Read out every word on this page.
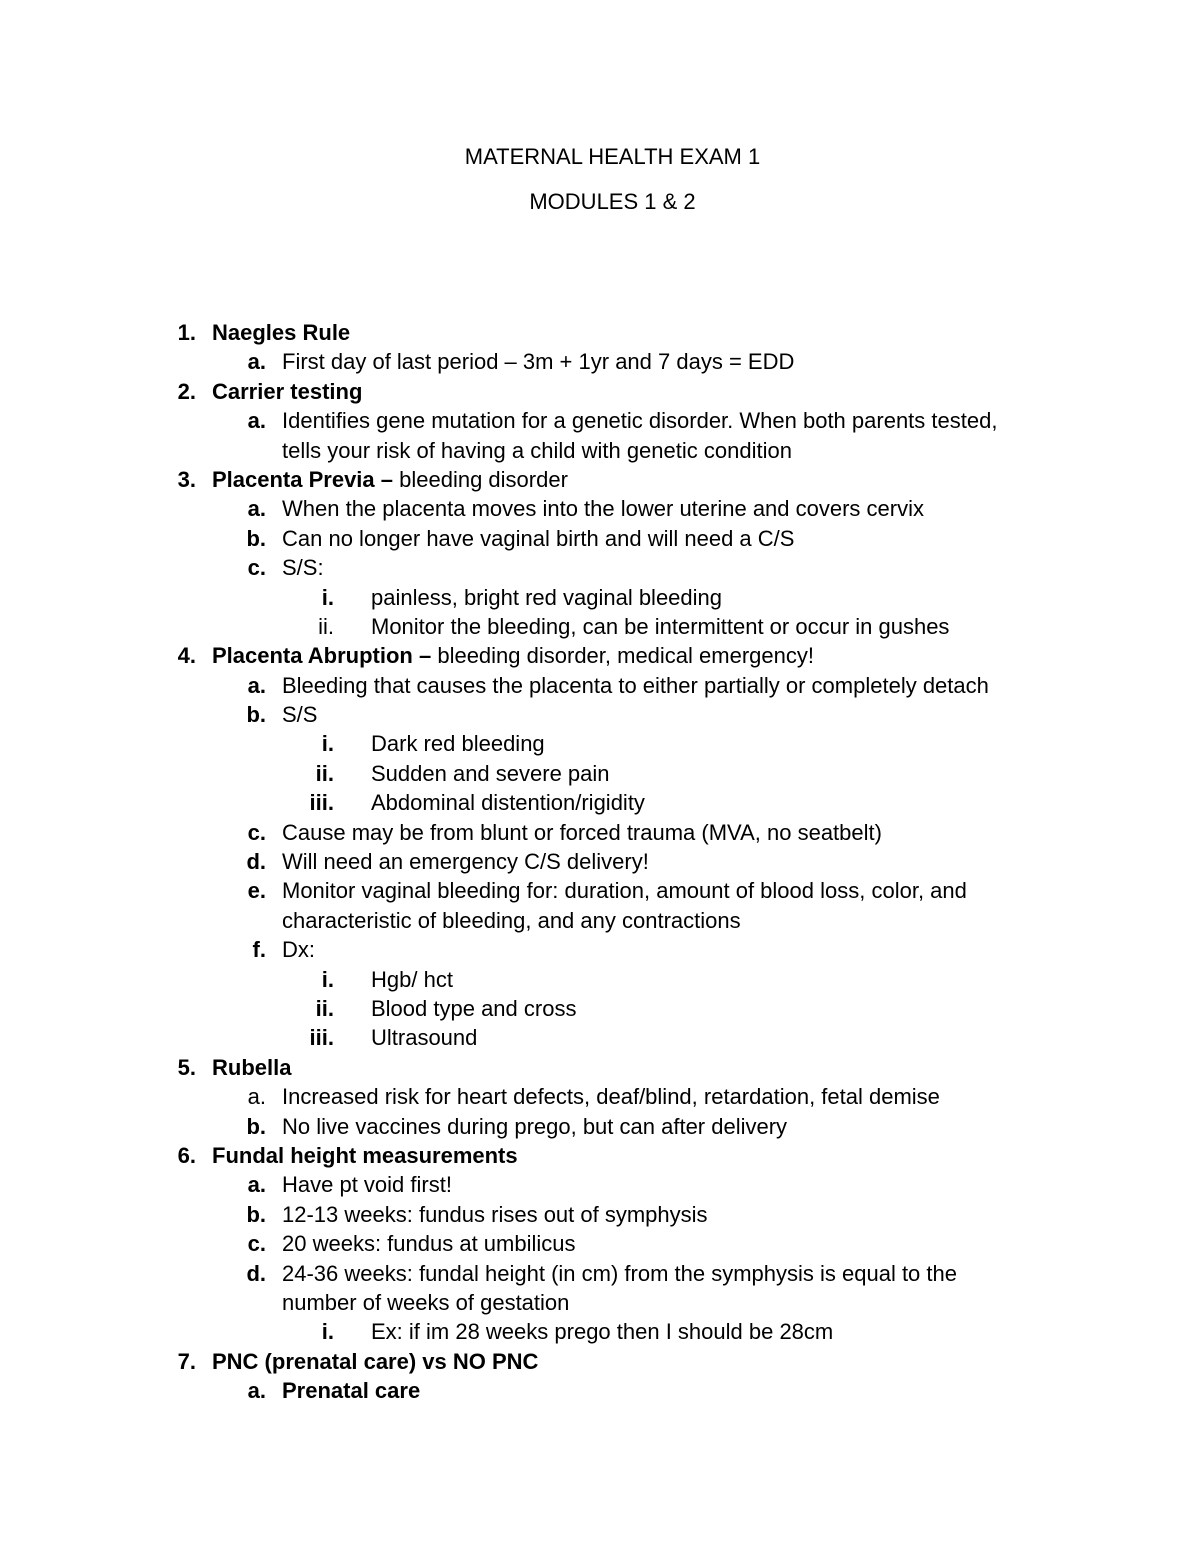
MATERNAL HEALTH EXAM 1
MODULES 1 & 2
1. Naegles Rule
a. First day of last period – 3m + 1yr and 7 days = EDD
2. Carrier testing
a. Identifies gene mutation for a genetic disorder. When both parents tested,
tells your risk of having a child with genetic condition
3. Placenta Previa – bleeding disorder
a. When the placenta moves into the lower uterine and covers cervix
b. Can no longer have vaginal birth and will need a C/S
c. S/S:
i. painless, bright red vaginal bleeding
ii. Monitor the bleeding, can be intermittent or occur in gushes
4. Placenta Abruption – bleeding disorder, medical emergency!
a. Bleeding that causes the placenta to either partially or completely detach
b. S/S
i. Dark red bleeding
ii. Sudden and severe pain
iii. Abdominal distention/rigidity
c. Cause may be from blunt or forced trauma (MVA, no seatbelt)
d. Will need an emergency C/S delivery!
e. Monitor vaginal bleeding for: duration, amount of blood loss, color, and
characteristic of bleeding, and any contractions
f. Dx:
i. Hgb/ hct
ii. Blood type and cross
iii. Ultrasound
5. Rubella
a. Increased risk for heart defects, deaf/blind, retardation, fetal demise
b. No live vaccines during prego, but can after delivery
6. Fundal height measurements
a. Have pt void first!
b. 12-13 weeks: fundus rises out of symphysis
c. 20 weeks: fundus at umbilicus
d. 24-36 weeks: fundal height (in cm) from the symphysis is equal to the
number of weeks of gestation
i. Ex: if im 28 weeks prego then I should be 28cm
7. PNC (prenatal care) vs NO PNC
a. Prenatal care
